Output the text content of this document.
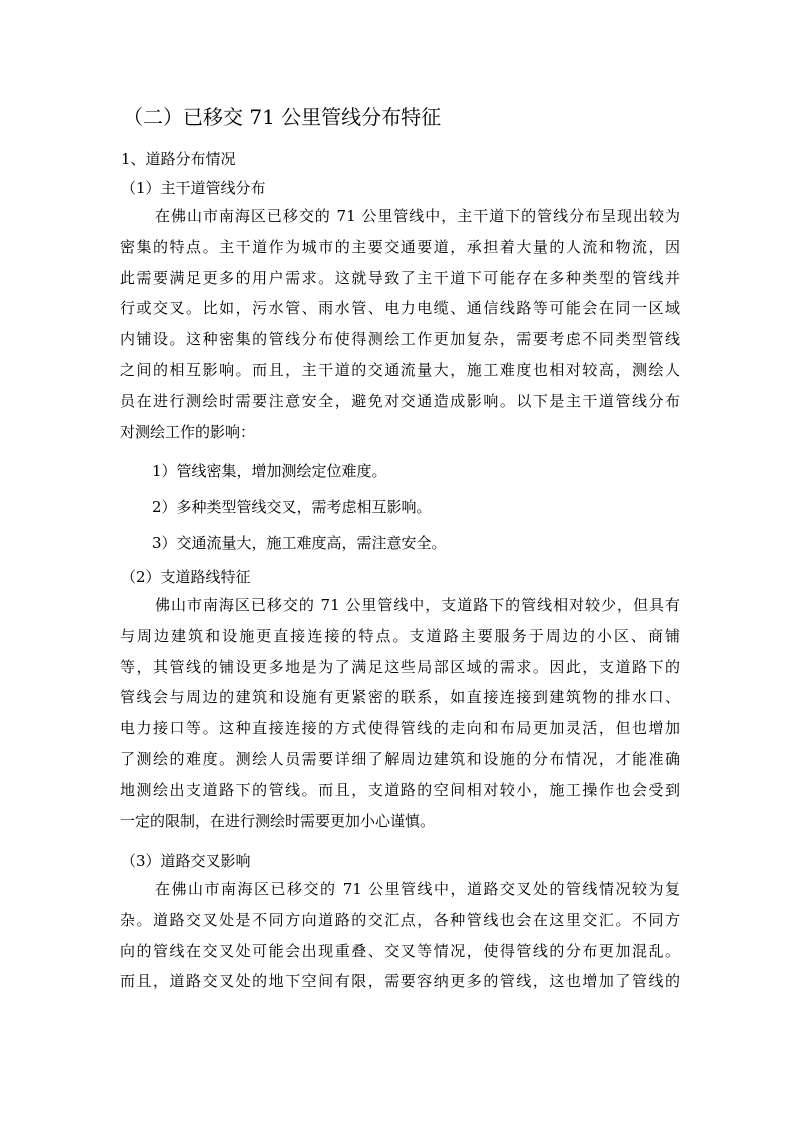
（二）已移交 71 公里管线分布特征
1、道路分布情况
（1）主干道管线分布

在佛山市南海区已移交的 71 公里管线中，主干道下的管线分布呈现出较为
密集的特点。主干道作为城市的主要交通要道，承担着大量的人流和物流，因
此需要满足更多的用户需求。这就导致了主干道下可能存在多种类型的管线并
行或交叉。比如，污水管、雨水管、电力电缆、通信线路等可能会在同一区域
内铺设。这种密集的管线分布使得测绘工作更加复杂，需要考虑不同类型管线
之间的相互影响。而且，主干道的交通流量大，施工难度也相对较高，测绘人
员在进行测绘时需要注意安全，避免对交通造成影响。以下是主干道管线分布
对测绘工作的影响：

1）管线密集，增加测绘定位难度。
2）多种类型管线交叉，需考虑相互影响。
3）交通流量大，施工难度高，需注意安全。
（2）支道路线特征

佛山市南海区已移交的 71 公里管线中，支道路下的管线相对较少，但具有
与周边建筑和设施更直接连接的特点。支道路主要服务于周边的小区、商铺
等，其管线的铺设更多地是为了满足这些局部区域的需求。因此，支道路下的
管线会与周边的建筑和设施有更紧密的联系，如直接连接到建筑物的排水口、
电力接口等。这种直接连接的方式使得管线的走向和布局更加灵活，但也增加
了测绘的难度。测绘人员需要详细了解周边建筑和设施的分布情况，才能准确
地测绘出支道路下的管线。而且，支道路的空间相对较小，施工操作也会受到
一定的限制，在进行测绘时需要更加小心谨慎。

（3）道路交叉影响

在佛山市南海区已移交的 71 公里管线中，道路交叉处的管线情况较为复
杂。道路交叉处是不同方向道路的交汇点，各种管线也会在这里交汇。不同方
向的管线在交叉处可能会出现重叠、交叉等情况，使得管线的分布更加混乱。
而且，道路交叉处的地下空间有限，需要容纳更多的管线，这也增加了管线的
